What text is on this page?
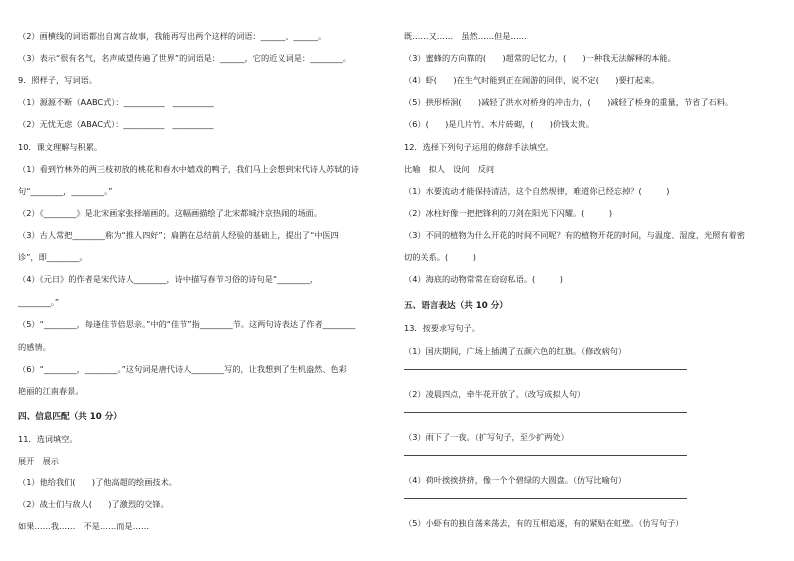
（2）画横线的词语都出自寓言故事，我能再写出两个这样的词语：______、______。
（3）表示“很有名气，名声威望传遍了世界”的词语是：______，它的近义词是：________。
9．照样子，写词语。
（1）源源不断（AABC式）：__________　__________
（2）无忧无虑（ABAC式）：__________　__________
10．课文理解与积累。
（1）看到竹林外的两三枝初放的桃花和春水中嬉戏的鸭子，我们马上会想到宋代诗人苏轼的诗
句“________，________。”
（2）《________》是北宋画家张择端画的。这幅画描绘了北宋都城汴京热闹的场面。
（3）古人常把________称为“推人四好”；扁鹊在总结前人经验的基础上，提出了“中医四
诊”，即________。
（4）《元日》的作者是宋代诗人________，诗中描写春节习俗的诗句是“________，
________。”
（5）“________，每逢佳节倍思亲。”中的“佳节”指________节。这两句诗表达了作者________
的感情。
（6）“________，________。”这句词是唐代诗人________写的，让我想到了生机盎然、色彩
艳丽的江南春景。
四、信息匹配（共 10 分）
11．选词填空。
展开　展示
（1）他给我们(　　)了他高超的绘画技术。
（2）战士们与敌人(　　)了激烈的交锋。
如果……我……　不是……而是……
既……又……　虽然……但是……
（3）蜜蜂的方向靠的(　　)超常的记忆力，(　　)一种我无法解释的本能。
（4）虾(　　)在生气时能到正在闹游的同伴，说不定(　　)要打起来。
（5）拱形桥洞(　　)减轻了洪水对桥身的冲击力，(　　)减轻了桥身的重量，节省了石料。
（6）(　　)是几片竹、木片砖砌，(　　)价钱太贵。
12．选择下列句子运用的修辞手法填空。
比喻　拟人　设问　反问
（1）水要流动才能保持清洁，这个自然规律，难道你已经忘掉？(　　　)
（2）冰柱好像一把把锋利的刀剑在阳光下闪耀。(　　　)
（3）不同的植物为什么开花的时间不同呢？有的植物开花的时间，与温度、湿度、光照有着密
切的关系。(　　　)
（4）海底的动物常常在窃窃私语。(　　　)
五、语言表达（共 10 分）
13．按要求写句子。
（1）国庆期间，广场上插满了五颜六色的红旗。（修改病句）
（2）凌晨四点，牵牛花开放了。（改写成拟人句）
（3）雨下了一夜。（扩写句子，至少扩两处）
（4）荷叶挨挨挤挤，像一个个碧绿的大圆盘。（仿写比喻句）
（5）小虾有的独自荡来荡去，有的互相追逐，有的紧贴在虹壁。（仿写句子）
